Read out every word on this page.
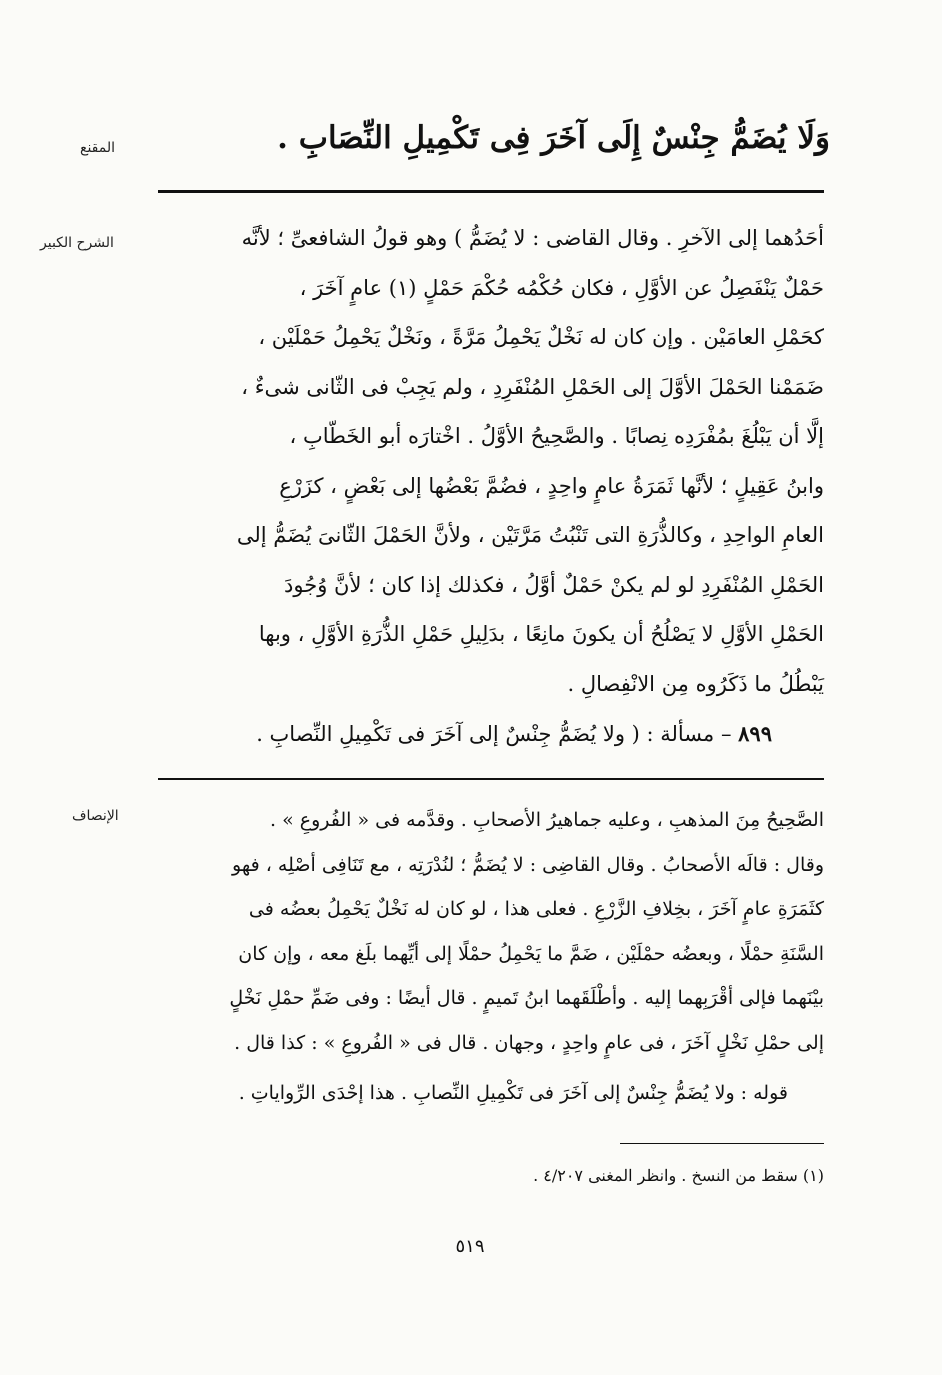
المقنع	وَلَا يُضَمُّ جِنْسٌ إِلَى آخَرَ فِى تَكْمِيلِ النِّصَابِ .
الشرح الكبير	أحَدُهما إلى الآخرِ . وقال القاضى : لا يُضَمُّ ) وهو قولُ الشافعىِّ ؛ لأنَّه
حَمْلٌ يَنْفَصِلُ عن الأوَّلِ ، فكان حُكْمُه حُكْمَ حَمْلٍ (١) عامٍ آخَرَ ،
كحَمْلِ العامَيْن . وإن كان له نَخْلٌ يَحْمِلُ مَرَّةً ، ونَخْلٌ يَحْمِلُ حَمْلَيْن ،
ضَمَمْنا الحَمْلَ الأوَّلَ إلى الحَمْلِ المُنْفَرِدِ ، ولم يَجِبْ فى الثّانى شىءٌ ،
إلَّا أن يَبْلُغَ بمُفْرَدِه نِصابًا . والصَّحِيحُ الأوَّلُ . اخْتارَه أبو الخَطّابِ ،
وابنُ عَقِيلٍ ؛ لأنَّها ثَمَرَةُ عامٍ واحِدٍ ، فضُمَّ بَعْضُها إلى بَعْضٍ ، كزَرْعِ
العامِ الواحِدِ ، وكالذُّرَةِ التى تَنْبُتُ مَرَّتَيْن ، ولأنَّ الحَمْلَ الثّانىَ يُضَمُّ إلى
الحَمْلِ المُنْفَرِدِ لو لم يكنْ حَمْلٌ أوَّلُ ، فكذلك إذا كان ؛ لأنَّ وُجُودَ
الحَمْلِ الأوَّلِ لا يَصْلُحُ أن يكونَ مانِعًا ، بدَلِيلِ حَمْلِ الذُّرَةِ الأوَّلِ ، وبها
يَبْطُلُ ما ذَكَرُوه مِن الانْفِصالِ .
٨٩٩ – مسألة : ( ولا يُضَمُّ جِنْسٌ إلى آخَرَ فى تَكْمِيلِ النِّصابِ .
الإنصاف	الصَّحِيحُ مِنَ المذهبِ ، وعليه جماهيرُ الأصحابِ . وقدَّمه فى « الفُروعِ » .
وقال : قالَه الأصحابُ . وقال القاضِى : لا يُضَمُّ ؛ لنُدْرَتِه ، مع تَنَافِى أصْلِه ، فهو
كثَمَرَةِ عامٍ آخَرَ ، بخِلافِ الزَّرْعِ . فعلى هذا ، لو كان له نَخْلٌ يَحْمِلُ بعضُه فى
السَّنَةِ حمْلًا ، وبعضُه حمْلَيْن ، ضَمَّ ما يَحْمِلُ حمْلًا إلى أيِّهما بلَغ معه ، وإن كان
بيْنَهما فإلى أقْرَبِهما إليه . وأطْلَقَهما ابنُ تَميمٍ . قال أيضًا : وفى ضَمِّ حمْلِ نَخْلٍ
إلى حمْلِ نَخْلٍ آخَرَ ، فى عامٍ واحِدٍ ، وجهان . قال فى « الفُروعِ » : كذا قال .
قوله : ولا يُضَمُّ جِنْسٌ إلى آخَرَ فى تَكْمِيلِ النِّصابِ . هذا إحْدَى الرِّواياتِ .
(١) سقط من النسخ . وانظر المغنى ٤/٢٠٧ .
٥١٩
